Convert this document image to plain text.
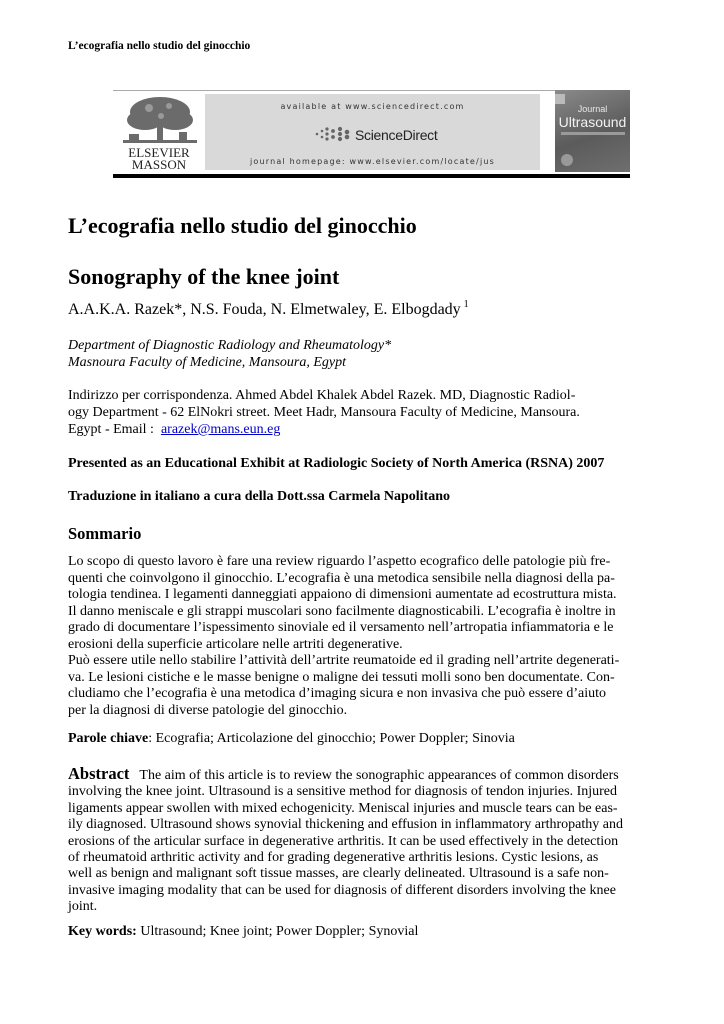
L’ecografia nello studio del ginocchio
ELSEVIER
MASSON
available at www.sciencedirect.com
ScienceDirect
journal homepage: www.elsevier.com/locate/jus
Journal
Ultrasound
L’ecografia nello studio del ginocchio
Sonography of the knee joint
A.A.K.A. Razek*, N.S. Fouda, N. Elmetwaley, E. Elbogdady $^1$
Department of Diagnostic Radiology and Rheumatology*
Masnoura Faculty of Medicine, Mansoura, Egypt
Indirizzo per corrispondenza. Ahmed Abdel Khalek Abdel Razek. MD, Diagnostic Radiol-
ogy Department - 62 ElNokri street. Meet Hadr, Mansoura Faculty of Medicine, Mansoura.
Egypt - Email :  arazek@mans.eun.eg
Presented as an Educational Exhibit at Radiologic Society of North America (RSNA) 2007
Traduzione in italiano a cura della Dott.ssa Carmela Napolitano
Sommario
Lo scopo di questo lavoro è fare una review riguardo l’aspetto ecografico delle patologie più fre-
quenti che coinvolgono il ginocchio. L’ecografia è una metodica sensibile nella diagnosi della pa-
tologia tendinea. I legamenti danneggiati appaiono di dimensioni aumentate ad ecostruttura mista.
Il danno meniscale e gli strappi muscolari sono facilmente diagnosticabili. L’ecografia è inoltre in
grado di documentare l’ispessimento sinoviale ed il versamento nell’artropatia infiammatoria e le
erosioni della superficie articolare nelle artriti degenerative.
Può essere utile nello stabilire l’attività dell’artrite reumatoide ed il grading nell’artrite degenerati-
va. Le lesioni cistiche e le masse benigne o maligne dei tessuti molli sono ben documentate. Con-
cludiamo che l’ecografia è una metodica d’imaging sicura e non invasiva che può essere d’aiuto
per la diagnosi di diverse patologie del ginocchio.
Parole chiave: Ecografia; Articolazione del ginocchio; Power Doppler; Sinovia
Abstract The aim of this article is to review the sonographic appearances of common disorders
involving the knee joint. Ultrasound is a sensitive method for diagnosis of tendon injuries. Injured
ligaments appear swollen with mixed echogenicity. Meniscal injuries and muscle tears can be eas-
ily diagnosed. Ultrasound shows synovial thickening and effusion in inflammatory arthropathy and
erosions of the articular surface in degenerative arthritis. It can be used effectively in the detection
of rheumatoid arthritic activity and for grading degenerative arthritis lesions. Cystic lesions, as
well as benign and malignant soft tissue masses, are clearly delineated. Ultrasound is a safe non-
invasive imaging modality that can be used for diagnosis of different disorders involving the knee
joint.
Key words: Ultrasound; Knee joint; Power Doppler; Synovial
